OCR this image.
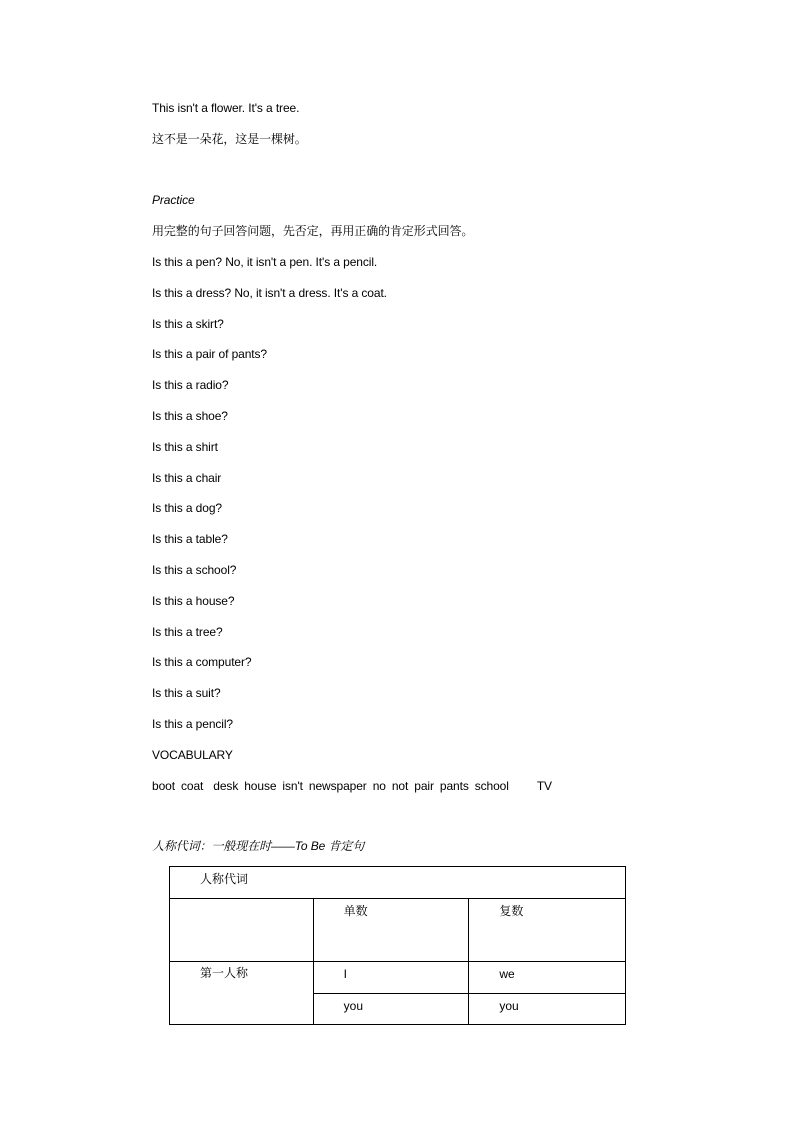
This isn't a flower. It's a tree.
这不是一朵花，这是一棵树。
Practice
用完整的句子回答问题，先否定，再用正确的肯定形式回答。
Is this a pen? No, it isn't a pen. It's a pencil.
Is this a dress? No, it isn't a dress. It's a coat.
Is this a skirt?
Is this a pair of pants?
Is this a radio?
Is this a shoe?
Is this a shirt
Is this a chair
Is this a dog?
Is this a table?
Is this a school?
Is this a house?
Is this a tree?
Is this a computer?
Is this a suit?
Is this a pencil?
VOCABULARY
boot coat desk house isn't newspaper no not pair pants school TV
人称代词：一般现在时——To Be 肯定句
人称代词		

	单数	复数

第一人称	I	we

	you	you
